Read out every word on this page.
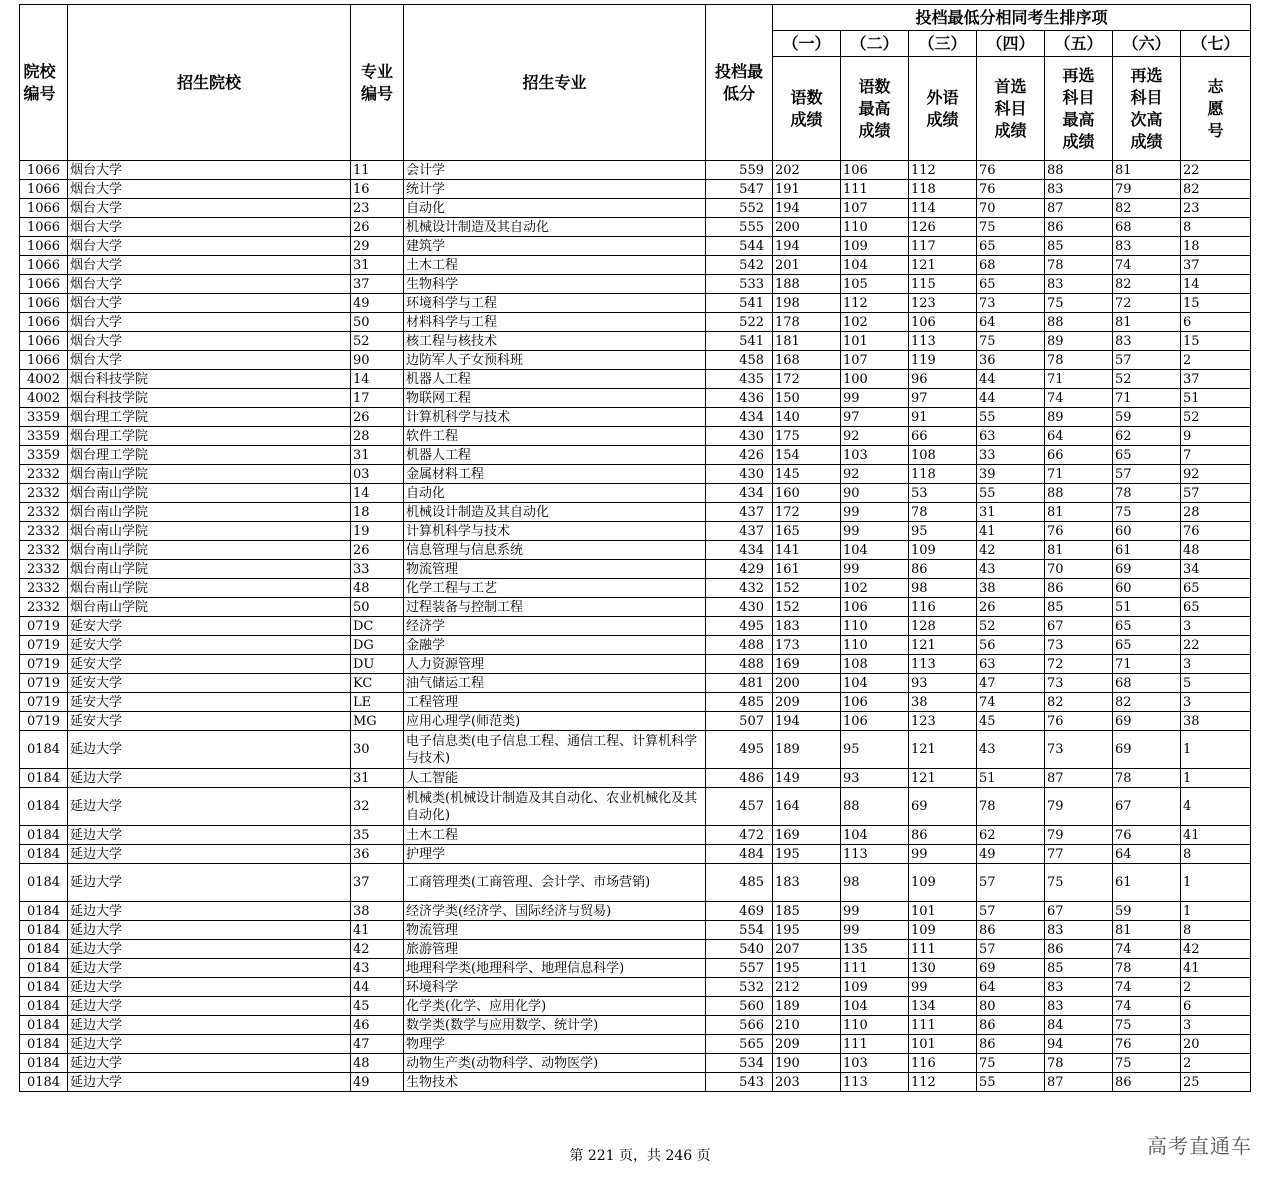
院校编号	招生院校	专业编号	招生专业	投档最低分	投档最低分相同考生排序项						
					（一）	（二）	（三）	（四）	（五）	（六）	（七）
					语数成绩	语数最高成绩	外语成绩	首选科目成绩	再选科目最高成绩	再选科目次高成绩	志愿号
1066	烟台大学	11	会计学	559	202	106	112	76	88	81	22
1066	烟台大学	16	统计学	547	191	111	118	76	83	79	82
1066	烟台大学	23	自动化	552	194	107	114	70	87	82	23
1066	烟台大学	26	机械设计制造及其自动化	555	200	110	126	75	86	68	8
1066	烟台大学	29	建筑学	544	194	109	117	65	85	83	18
1066	烟台大学	31	土木工程	542	201	104	121	68	78	74	37
1066	烟台大学	37	生物科学	533	188	105	115	65	83	82	14
1066	烟台大学	49	环境科学与工程	541	198	112	123	73	75	72	15
1066	烟台大学	50	材料科学与工程	522	178	102	106	64	88	81	6
1066	烟台大学	52	核工程与核技术	541	181	101	113	75	89	83	15
1066	烟台大学	90	边防军人子女预科班	458	168	107	119	36	78	57	2
4002	烟台科技学院	14	机器人工程	435	172	100	96	44	71	52	37
4002	烟台科技学院	17	物联网工程	436	150	99	97	44	74	71	51
3359	烟台理工学院	26	计算机科学与技术	434	140	97	91	55	89	59	52
3359	烟台理工学院	28	软件工程	430	175	92	66	63	64	62	9
3359	烟台理工学院	31	机器人工程	426	154	103	108	33	66	65	7
2332	烟台南山学院	03	金属材料工程	430	145	92	118	39	71	57	92
2332	烟台南山学院	14	自动化	434	160	90	53	55	88	78	57
2332	烟台南山学院	18	机械设计制造及其自动化	437	172	99	78	31	81	75	28
2332	烟台南山学院	19	计算机科学与技术	437	165	99	95	41	76	60	76
2332	烟台南山学院	26	信息管理与信息系统	434	141	104	109	42	81	61	48
2332	烟台南山学院	33	物流管理	429	161	99	86	43	70	69	34
2332	烟台南山学院	48	化学工程与工艺	432	152	102	98	38	86	60	65
2332	烟台南山学院	50	过程装备与控制工程	430	152	106	116	26	85	51	65
0719	延安大学	DC	经济学	495	183	110	128	52	67	65	3
0719	延安大学	DG	金融学	488	173	110	121	56	73	65	22
0719	延安大学	DU	人力资源管理	488	169	108	113	63	72	71	3
0719	延安大学	KC	油气储运工程	481	200	104	93	47	73	68	5
0719	延安大学	LE	工程管理	485	209	106	38	74	82	82	3
0719	延安大学	MG	应用心理学(师范类)	507	194	106	123	45	76	69	38
0184	延边大学	30	电子信息类(电子信息工程、通信工程、计算机科学与技术)	495	189	95	121	43	73	69	1
0184	延边大学	31	人工智能	486	149	93	121	51	87	78	1
0184	延边大学	32	机械类(机械设计制造及其自动化、农业机械化及其自动化)	457	164	88	69	78	79	67	4
0184	延边大学	35	土木工程	472	169	104	86	62	79	76	41
0184	延边大学	36	护理学	484	195	113	99	49	77	64	8
0184	延边大学	37	工商管理类(工商管理、会计学、市场营销)	485	183	98	109	57	75	61	1
0184	延边大学	38	经济学类(经济学、国际经济与贸易)	469	185	99	101	57	67	59	1
0184	延边大学	41	物流管理	554	195	99	109	86	83	81	8
0184	延边大学	42	旅游管理	540	207	135	111	57	86	74	42
0184	延边大学	43	地理科学类(地理科学、地理信息科学)	557	195	111	130	69	85	78	41
0184	延边大学	44	环境科学	532	212	109	99	64	83	74	2
0184	延边大学	45	化学类(化学、应用化学)	560	189	104	134	80	83	74	6
0184	延边大学	46	数学类(数学与应用数学、统计学)	566	210	110	111	86	84	75	3
0184	延边大学	47	物理学	565	209	111	101	86	94	76	20
0184	延边大学	48	动物生产类(动物科学、动物医学)	534	190	103	116	75	78	75	2
0184	延边大学	49	生物技术	543	203	113	112	55	87	86	25
第 221 页，共 246 页	高考直通车
